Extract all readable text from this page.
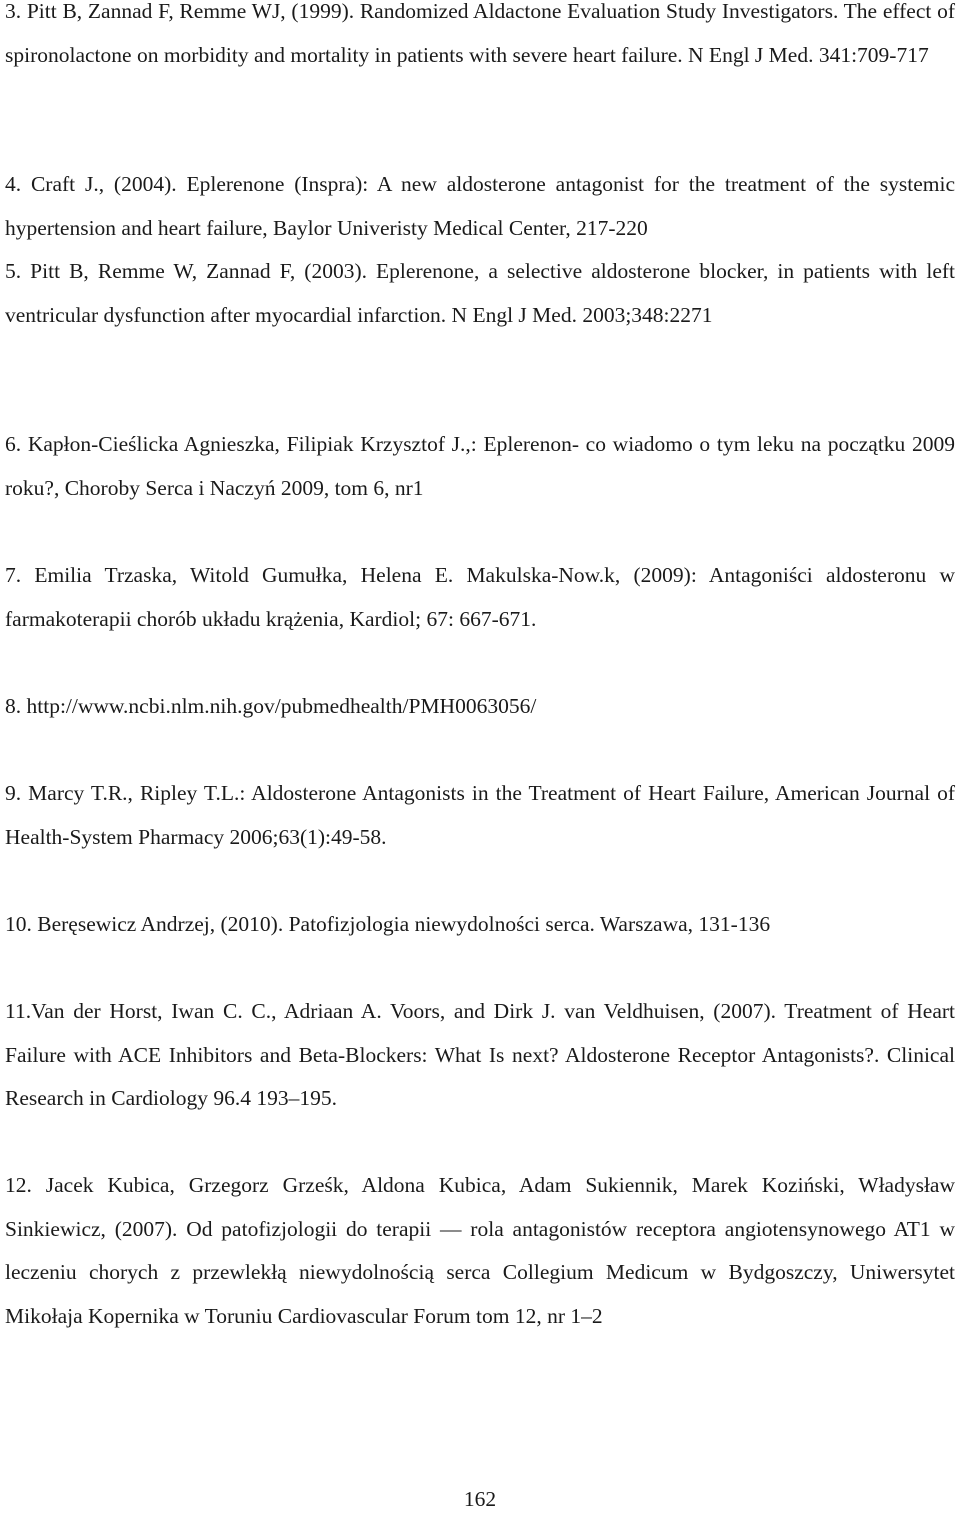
3. Pitt B, Zannad F, Remme WJ, (1999). Randomized Aldactone Evaluation Study Investigators. The effect of spironolactone on morbidity and mortality in patients with severe heart failure. N Engl J Med. 341:709-717

4. Craft J., (2004). Eplerenone (Inspra): A new aldosterone antagonist for the treatment of the systemic hypertension and heart failure, Baylor Univeristy Medical Center, 217-220

5. Pitt B, Remme W, Zannad F, (2003). Eplerenone, a selective aldosterone blocker, in patients with left ventricular dysfunction after myocardial infarction. N Engl J Med. 2003;348:2271

6. Kapłon-Cieślicka Agnieszka, Filipiak Krzysztof J.,: Eplerenon- co wiadomo o tym leku na początku 2009 roku?, Choroby Serca i Naczyń 2009, tom 6, nr1

7. Emilia Trzaska, Witold Gumułka, Helena E. Makulska-Now.k, (2009): Antagoniści aldosteronu w farmakoterapii chorób układu krążenia, Kardiol; 67: 667-671.

8. http://www.ncbi.nlm.nih.gov/pubmedhealth/PMH0063056/

9. Marcy T.R., Ripley T.L.: Aldosterone Antagonists in the Treatment of Heart Failure, American Journal of Health-System Pharmacy 2006;63(1):49-58.

10. Beręsewicz Andrzej, (2010). Patofizjologia niewydolności serca. Warszawa, 131-136

11.Van der Horst, Iwan C. C., Adriaan A. Voors, and Dirk J. van Veldhuisen, (2007). Treatment of Heart Failure with ACE Inhibitors and Beta-Blockers: What Is next? Aldosterone Receptor Antagonists?. Clinical Research in Cardiology 96.4 193–195.

12. Jacek Kubica, Grzegorz Grześk, Aldona Kubica, Adam Sukiennik, Marek Koziński, Władysław Sinkiewicz, (2007). Od patofizjologii do terapii — rola antagonistów receptora angiotensynowego AT1 w leczeniu chorych z przewlekłą niewydolnością serca Collegium Medicum w Bydgoszczy, Uniwersytet Mikołaja Kopernika w Toruniu Cardiovascular Forum tom 12, nr 1–2

162
